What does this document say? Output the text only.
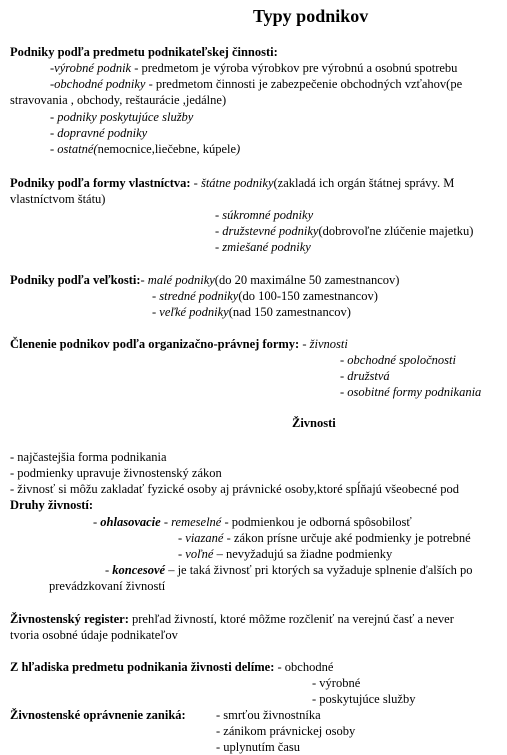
Typy podnikov
Podniky podľa predmetu podnikateľskej činnosti:
-výrobné podnik - predmetom je výroba výrobkov pre výrobnú a osobnú spotrebu
-obchodné podniky - predmetom činnosti je zabezpečenie obchodných vzťahov(pe
stravovania , obchody, reštaurácie ,jedálne)
- podniky poskytujúce služby
- dopravné podniky
- ostatné(nemocnice,liečebne, kúpele)
Podniky podľa formy vlastníctva: - štátne podniky(zakladá ich orgán štátnej správy. M
vlastníctvom štátu)
- súkromné podniky
- družstevné podniky(dobrovoľne zlúčenie majetku)
- zmiešané podniky
Podniky podľa veľkosti:- malé podniky(do 20 maximálne 50 zamestnancov)
- stredné podniky(do 100-150 zamestnancov)
- veľké podniky(nad 150 zamestnancov)
Členenie podnikov podľa organizačno-právnej formy: - živnosti
- obchodné spoločnosti
- družstvá
- osobitné formy podnikania
Živnosti
- najčastejšia forma podnikania
- podmienky upravuje živnostenský zákon
- živnosť si môžu zakladať fyzické osoby aj právnické osoby,ktoré spĺňajú všeobecné pod
Druhy živností:
- ohlasovacie - remeselné - podmienkou je odborná spôsobilosť
- viazané - zákon prísne určuje aké podmienky je potrebné
- voľné – nevyžadujú sa žiadne podmienky
- koncesové – je taká živnosť pri ktorých sa vyžaduje splnenie ďalších po
prevádzkovaní živností
Živnostenský register: prehľad živností, ktoré môžme rozčleniť na verejnú časť a never
tvoria osobné údaje podnikateľov
Z hľadiska predmetu podnikania živnosti delíme: - obchodné
- výrobné
- poskytujúce služby
Živnostenské oprávnenie zaniká: - smrťou živnostníka
- zánikom právnickej osoby
- uplynutím času
